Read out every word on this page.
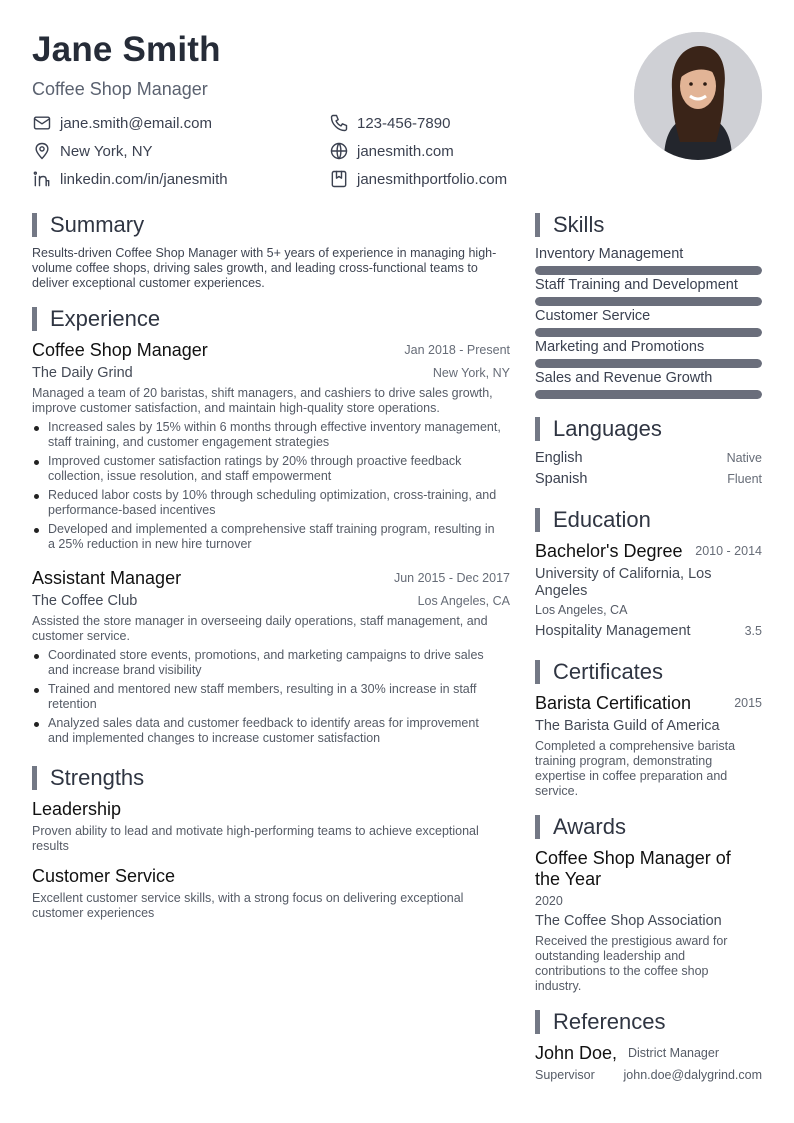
Jane Smith
Coffee Shop Manager
jane.smith@email.com	123-456-7890
New York, NY	janesmith.com
linkedin.com/in/janesmith	janesmithportfolio.com
Summary
Results-driven Coffee Shop Manager with 5+ years of experience in managing high-volume coffee shops, driving sales growth, and leading cross-functional teams to deliver exceptional customer experiences.
Experience
Coffee Shop Manager	Jan 2018 - Present
The Daily Grind	New York, NY
Managed a team of 20 baristas, shift managers, and cashiers to drive sales growth, improve customer satisfaction, and maintain high-quality store operations.
Increased sales by 15% within 6 months through effective inventory management, staff training, and customer engagement strategies
Improved customer satisfaction ratings by 20% through proactive feedback collection, issue resolution, and staff empowerment
Reduced labor costs by 10% through scheduling optimization, cross-training, and performance-based incentives
Developed and implemented a comprehensive staff training program, resulting in a 25% reduction in new hire turnover
Assistant Manager	Jun 2015 - Dec 2017
The Coffee Club	Los Angeles, CA
Assisted the store manager in overseeing daily operations, staff management, and customer service.
Coordinated store events, promotions, and marketing campaigns to drive sales and increase brand visibility
Trained and mentored new staff members, resulting in a 30% increase in staff retention
Analyzed sales data and customer feedback to identify areas for improvement and implemented changes to increase customer satisfaction
Strengths
Leadership
Proven ability to lead and motivate high-performing teams to achieve exceptional results
Customer Service
Excellent customer service skills, with a strong focus on delivering exceptional customer experiences
Skills
Inventory Management
Staff Training and Development
Customer Service
Marketing and Promotions
Sales and Revenue Growth
Languages
English	Native
Spanish	Fluent
Education
Bachelor's Degree	2010 - 2014
University of California, Los Angeles
Los Angeles, CA
Hospitality Management	3.5
Certificates
Barista Certification	2015
The Barista Guild of America
Completed a comprehensive barista training program, demonstrating expertise in coffee preparation and service.
Awards
Coffee Shop Manager of the Year
2020
The Coffee Shop Association
Received the prestigious award for outstanding leadership and contributions to the coffee shop industry.
References
John Doe, District Manager
Supervisor	john.doe@dalygrind.com
